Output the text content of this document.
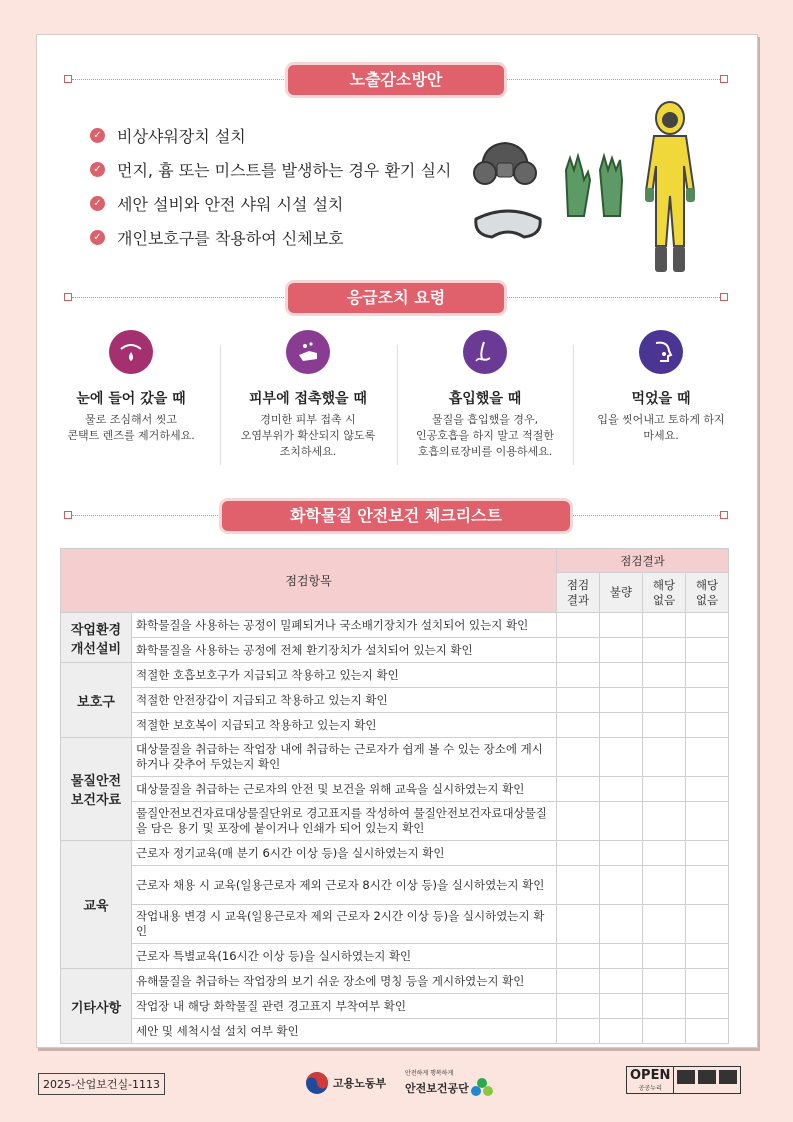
노출감소방안
✓ 비상샤워장치 설치
✓ 먼지, 흄 또는 미스트를 발생하는 경우 환기 실시
✓ 세안 설비와 안전 샤워 시설 설치
✓ 개인보호구를 착용하여 신체보호
응급조치 요령
눈에 들어 갔을 때
물로 조심해서 씻고
콘택트 렌즈를 제거하세요.
피부에 접촉했을 때
경미한 피부 접촉 시
오염부위가 확산되지 않도록
조치하세요.
흡입했을 때
물질을 흡입했을 경우,
인공호흡을 하지 말고 적절한
호흡의료장비를 이용하세요.
먹었을 때
입을 씻어내고 토하게 하지
마세요.
화학물질 안전보건 체크리스트
점검항목		점검결과			
		점검 결과	불량	해당 없음	해당 없음
작업환경 개선설비	화학물질을 사용하는 공정이 밀폐되거나 국소배기장치가 설치되어 있는지 확인				
	화학물질을 사용하는 공정에 전체 환기장치가 설치되어 있는지 확인				
보호구	적절한 호흡보호구가 지급되고 착용하고 있는지 확인				
	적절한 안전장갑이 지급되고 착용하고 있는지 확인				
	적절한 보호복이 지급되고 착용하고 있는지 확인				
물질안전 보건자료	대상물질을 취급하는 작업장 내에 취급하는 근로자가 쉽게 볼 수 있는 장소에 게시하거나 갖추어 두었는지 확인				
	대상물질을 취급하는 근로자의 안전 및 보건을 위해 교육을 실시하였는지 확인				
	물질안전보건자료대상물질단위로 경고표지를 작성하여 물질안전보건자료대상물질을 담은 용기 및 포장에 붙이거나 인쇄가 되어 있는지 확인				
교육	근로자 정기교육(매 분기 6시간 이상 등)을 실시하였는지 확인				
	근로자 채용 시 교육(일용근로자 제외 근로자 8시간 이상 등)을 실시하였는지 확인				
	작업내용 변경 시 교육(일용근로자 제외 근로자 2시간 이상 등)을 실시하였는지 확인				
	근로자 특별교육(16시간 이상 등)을 실시하였는지 확인				
기타사항	유해물질을 취급하는 작업장의 보기 쉬운 장소에 명칭 등을 게시하였는지 확인				
	작업장 내 해당 화학물질 관련 경고표지 부착여부 확인				
	세안 및 세척시설 설치 여부 확인				
2025-산업보건실-1113	고용노동부
안전하게 행복하게
안전보건공단
OPEN
공공누리
